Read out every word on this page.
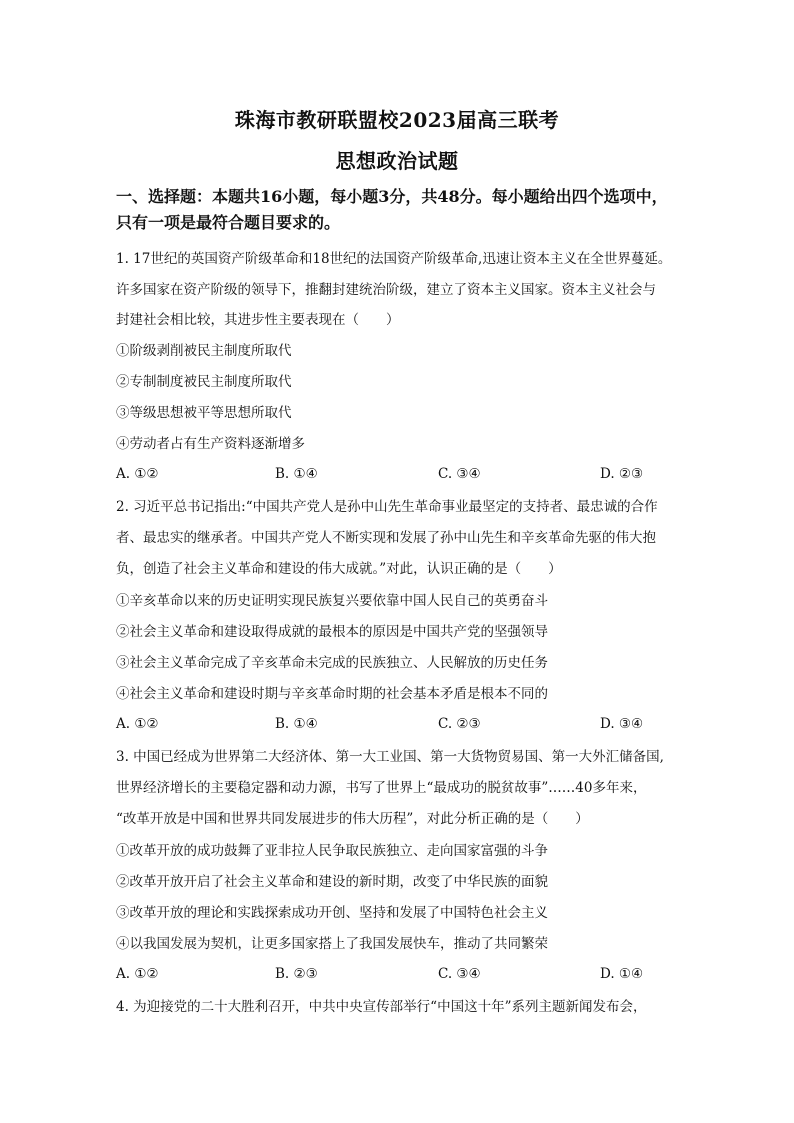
珠海市教研联盟校2023届高三联考
思想政治试题
一、选择题：本题共16小题，每小题3分，共48分。每小题给出四个选项中，
只有一项是最符合题目要求的。
1. 17世纪的英国资产阶级革命和18世纪的法国资产阶级革命,迅速让资本主义在全世界蔓延。
许多国家在资产阶级的领导下，推翻封建统治阶级，建立了资本主义国家。资本主义社会与
封建社会相比较，其进步性主要表现在（　　）
①阶级剥削被民主制度所取代
②专制制度被民主制度所取代
③等级思想被平等思想所取代
④劳动者占有生产资料逐渐增多
A. ①②	B. ①④	C. ③④	D. ②③
2. 习近平总书记指出:“中国共产党人是孙中山先生革命事业最坚定的支持者、最忠诚的合作
者、最忠实的继承者。中国共产党人不断实现和发展了孙中山先生和辛亥革命先驱的伟大抱
负，创造了社会主义革命和建设的伟大成就。”对此，认识正确的是（　　）
①辛亥革命以来的历史证明实现民族复兴要依靠中国人民自己的英勇奋斗
②社会主义革命和建设取得成就的最根本的原因是中国共产党的坚强领导
③社会主义革命完成了辛亥革命未完成的民族独立、人民解放的历史任务
④社会主义革命和建设时期与辛亥革命时期的社会基本矛盾是根本不同的
A. ①②	B. ①④	C. ②③	D. ③④
3. 中国已经成为世界第二大经济体、第一大工业国、第一大货物贸易国、第一大外汇储备国,
世界经济增长的主要稳定器和动力源，书写了世界上“最成功的脱贫故事”……40多年来，
“改革开放是中国和世界共同发展进步的伟大历程”，对此分析正确的是（　　）
①改革开放的成功鼓舞了亚非拉人民争取民族独立、走向国家富强的斗争
②改革开放开启了社会主义革命和建设的新时期，改变了中华民族的面貌
③改革开放的理论和实践探索成功开创、坚持和发展了中国特色社会主义
④以我国发展为契机，让更多国家搭上了我国发展快车，推动了共同繁荣
A. ①②	B. ②③	C. ③④	D. ①④
4. 为迎接党的二十大胜利召开，中共中央宣传部举行“中国这十年”系列主题新闻发布会，
